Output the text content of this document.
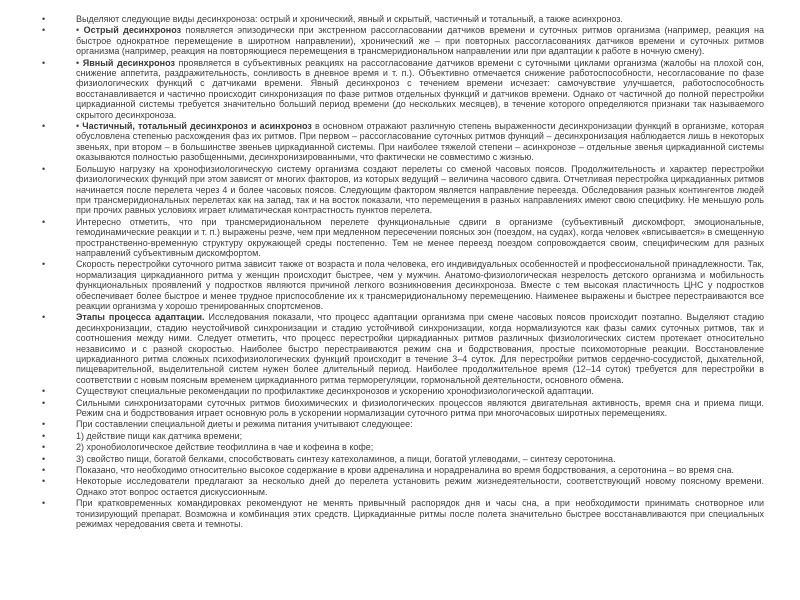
•	Выделяют следующие виды десинхроноза: острый и хронический, явный и скрытый, частичный и тотальный, а также асинхроноз.
•	• Острый десинхроноз появляется эпизодически при экстренном рассогласовании датчиков времени и суточных ритмов организма (например, реакция на быстрое однократное перемещение в широтном направлении), хронический же – при повторных рассогласованиях датчиков времени и суточных ритмов организма (например, реакция на повторяющиеся перемещения в трансмеридиональном направлении или при адаптации к работе в ночную смену).
•	• Явный десинхроноз проявляется в субъективных реакциях на рассогласование датчиков времени с суточными циклами организма (жалобы на плохой сон, снижение аппетита, раздражительность, сонливость в дневное время и т. п.). Объективно отмечается снижение работоспособности, несогласование по фазе физиологических функций с датчиками времени. Явный десинхроноз с течением времени исчезает: самочувствие улучшается, работоспособность восстанавливается и частично происходит синхронизация по фазе ритмов отдельных функций и датчиков времени. Однако от частичной до полной перестройки циркадианной системы требуется значительно больший период времени (до нескольких месяцев), в течение которого определяются признаки так называемого скрытого десинхроноза.
•	• Частичный, тотальный десинхроноз и асинхроноз в основном отражают различную степень выраженности десинхронизации функций в организме, которая обусловлена степенью расхождения фаз их ритмов. При первом – рассогласование суточных ритмов функций – десинхронизация наблюдается лишь в некоторых звеньях, при втором – в большинстве звеньев циркадианной системы. При наиболее тяжелой степени – асинхронозе – отдельные звенья циркадианной системы оказываются полностью разобщенными, десинхронизированными, что фактически не совместимо с жизнью.
•	Большую нагрузку на хронофизиологическую систему организма создают перелеты со сменой часовых поясов. Продолжительность и характер перестройки физиологических функций при этом зависят от многих факторов, из которых ведущий – величина часового сдвига. Отчетливая перестройка циркадианных ритмов начинается после перелета через 4 и более часовых поясов. Следующим фактором является направление переезда. Обследования разных контингентов людей при трансмеридиональных перелетах как на запад, так и на восток показали, что перемещения в разных направлениях имеют свою специфику. Не меньшую роль при прочих равных условиях играет климатическая контрастность пунктов перелета.
•	Интересно отметить, что при трансмеридиональном перелете функциональные сдвиги в организме (субъективный дискомфорт, эмоциональные, гемодинамические реакции и т. п.) выражены резче, чем при медленном пересечении поясных зон (поездом, на судах), когда человек «вписывается» в смещенную пространственно-временную структуру окружающей среды постепенно. Тем не менее переезд поездом сопровождается своим, специфическим для разных направлений субъективным дискомфортом.
•	Скорость перестройки суточного ритма зависит также от возраста и пола человека, его индивидуальных особенностей и профессиональной принадлежности. Так, нормализация циркадианного ритма у женщин происходит быстрее, чем у мужчин. Анатомо-физиологическая незрелость детского организма и мобильность функциональных проявлений у подростков являются причиной легкого возникновения десинхроноза. Вместе с тем высокая пластичность ЦНС у подростков обеспечивает более быстрое и менее трудное приспособление их к трансмеридиональному перемещению. Наименее выражены и быстрее перестраиваются все реакции организма у хорошо тренированных спортсменов.
•	Этапы процесса адаптации. Исследования показали, что процесс адаптации организма при смене часовых поясов происходит поэтапно. Выделяют стадию десинхронизации, стадию неустойчивой синхронизации и стадию устойчивой синхронизации, когда нормализуются как фазы самих суточных ритмов, так и соотношения между ними. Следует отметить, что процесс перестройки циркадианных ритмов различных физиологических систем протекает относительно независимо и с разной скоростью. Наиболее быстро перестраиваются режим сна и бодрствования, простые психомоторные реакции. Восстановление циркадианного ритма сложных психофизиологических функций происходит в течение 3–4 суток. Для перестройки ритмов сердечно-сосудистой, дыхательной, пищеварительной, выделительной систем нужен более длительный период. Наиболее продолжительное время (12–14 суток) требуется для перестройки в соответствии с новым поясным временем циркадианного ритма терморегуляции, гормональной деятельности, основного обмена.
•	Существуют специальные рекомендации по профилактике десинхронозов и ускорению хронофизиологической адаптации.
•	Сильными синхронизаторами суточных ритмов биохимических и физиологических процессов являются двигательная активность, время сна и приема пищи. Режим сна и бодрствования играет основную роль в ускорении нормализации суточного ритма при многочасовых широтных перемещениях.
•	При составлении специальной диеты и режима питания учитывают следующее:
•	1) действие пищи как датчика времени;
•	2) хронобиологическое действие теофиллина в чае и кофеина в кофе;
•	3) свойство пищи, богатой белками, способствовать синтезу катехоламинов, а пищи, богатой углеводами, – синтезу серотонина.
•	Показано, что необходимо относительно высокое содержание в крови адреналина и норадреналина во время бодрствования, а серотонина – во время сна.
•	Некоторые исследователи предлагают за несколько дней до перелета установить режим жизнедеятельности, соответствующий новому поясному времени. Однако этот вопрос остается дискуссионным.
•	При кратковременных командировках рекомендуют не менять привычный распорядок дня и часы сна, а при необходимости принимать снотворное или тонизирующий препарат. Возможна и комбинация этих средств. Циркадианные ритмы после полета значительно быстрее восстанавливаются при специальных режимах чередования света и темноты.
